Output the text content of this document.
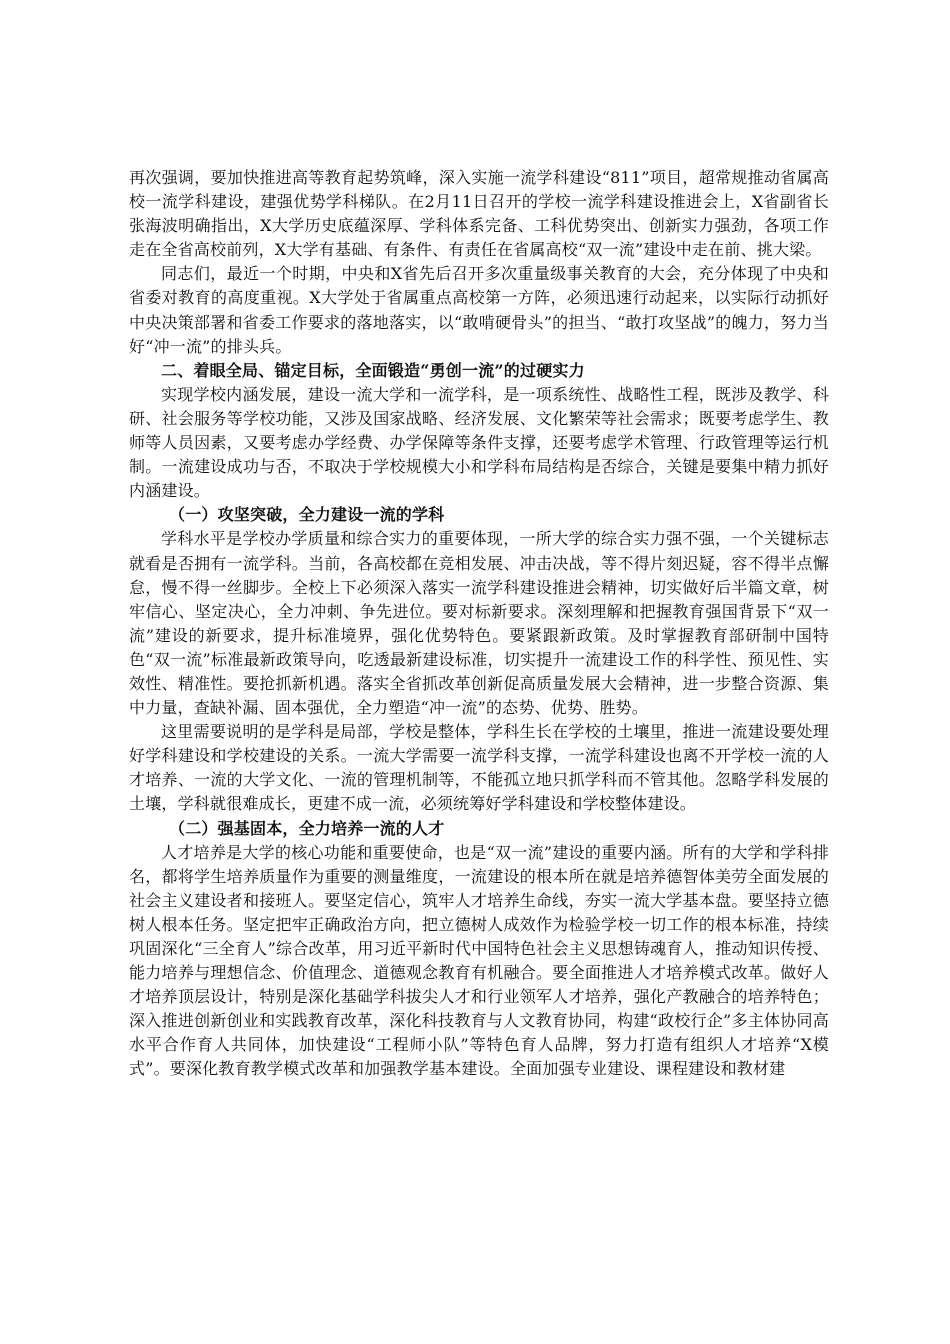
再次强调，要加快推进高等教育起势筑峰，深入实施一流学科建设“811”项目，超常规推动省属高校一流学科建设，建强优势学科梯队。在2月11日召开的学校一流学科建设推进会上，X省副省长张海波明确指出，X大学历史底蕴深厚、学科体系完备、工科优势突出、创新实力强劲，各项工作走在全省高校前列，X大学有基础、有条件、有责任在省属高校“双一流”建设中走在前、挑大梁。

同志们，最近一个时期，中央和X省先后召开多次重量级事关教育的大会，充分体现了中央和省委对教育的高度重视。X大学处于省属重点高校第一方阵，必须迅速行动起来，以实际行动抓好中央决策部署和省委工作要求的落地落实，以“敢啃硬骨头”的担当、“敢打攻坚战”的魄力，努力当好“冲一流”的排头兵。

二、着眼全局、锚定目标，全面锻造“勇创一流”的过硬实力

实现学校内涵发展，建设一流大学和一流学科，是一项系统性、战略性工程，既涉及教学、科研、社会服务等学校功能，又涉及国家战略、经济发展、文化繁荣等社会需求；既要考虑学生、教师等人员因素，又要考虑办学经费、办学保障等条件支撑，还要考虑学术管理、行政管理等运行机制。一流建设成功与否，不取决于学校规模大小和学科布局结构是否综合，关键是要集中精力抓好内涵建设。

（一）攻坚突破，全力建设一流的学科

学科水平是学校办学质量和综合实力的重要体现，一所大学的综合实力强不强，一个关键标志就看是否拥有一流学科。当前，各高校都在竞相发展、冲击决战，等不得片刻迟疑，容不得半点懈怠，慢不得一丝脚步。全校上下必须深入落实一流学科建设推进会精神，切实做好后半篇文章，树牢信心、坚定决心，全力冲刺、争先进位。要对标新要求。深刻理解和把握教育强国背景下“双一流”建设的新要求，提升标准境界，强化优势特色。要紧跟新政策。及时掌握教育部研制中国特色“双一流”标准最新政策导向，吃透最新建设标准，切实提升一流建设工作的科学性、预见性、实效性、精准性。要抢抓新机遇。落实全省抓改革创新促高质量发展大会精神，进一步整合资源、集中力量，查缺补漏、固本强优，全力塑造“冲一流”的态势、优势、胜势。

这里需要说明的是学科是局部，学校是整体，学科生长在学校的土壤里，推进一流建设要处理好学科建设和学校建设的关系。一流大学需要一流学科支撑，一流学科建设也离不开学校一流的人才培养、一流的大学文化、一流的管理机制等，不能孤立地只抓学科而不管其他。忽略学科发展的土壤，学科就很难成长，更建不成一流，必须统筹好学科建设和学校整体建设。

（二）强基固本，全力培养一流的人才

人才培养是大学的核心功能和重要使命，也是“双一流”建设的重要内涵。所有的大学和学科排名，都将学生培养质量作为重要的测量维度，一流建设的根本所在就是培养德智体美劳全面发展的社会主义建设者和接班人。要坚定信心，筑牢人才培养生命线，夯实一流大学基本盘。要坚持立德树人根本任务。坚定把牢正确政治方向，把立德树人成效作为检验学校一切工作的根本标准，持续巩固深化“三全育人”综合改革，用习近平新时代中国特色社会主义思想铸魂育人，推动知识传授、能力培养与理想信念、价值理念、道德观念教育有机融合。要全面推进人才培养模式改革。做好人才培养顶层设计，特别是深化基础学科拔尖人才和行业领军人才培养，强化产教融合的培养特色；深入推进创新创业和实践教育改革，深化科技教育与人文教育协同，构建“政校行企”多主体协同高水平合作育人共同体，加快建设“工程师小队”等特色育人品牌，努力打造有组织人才培养“X模式”。要深化教育教学模式改革和加强教学基本建设。全面加强专业建设、课程建设和教材建
